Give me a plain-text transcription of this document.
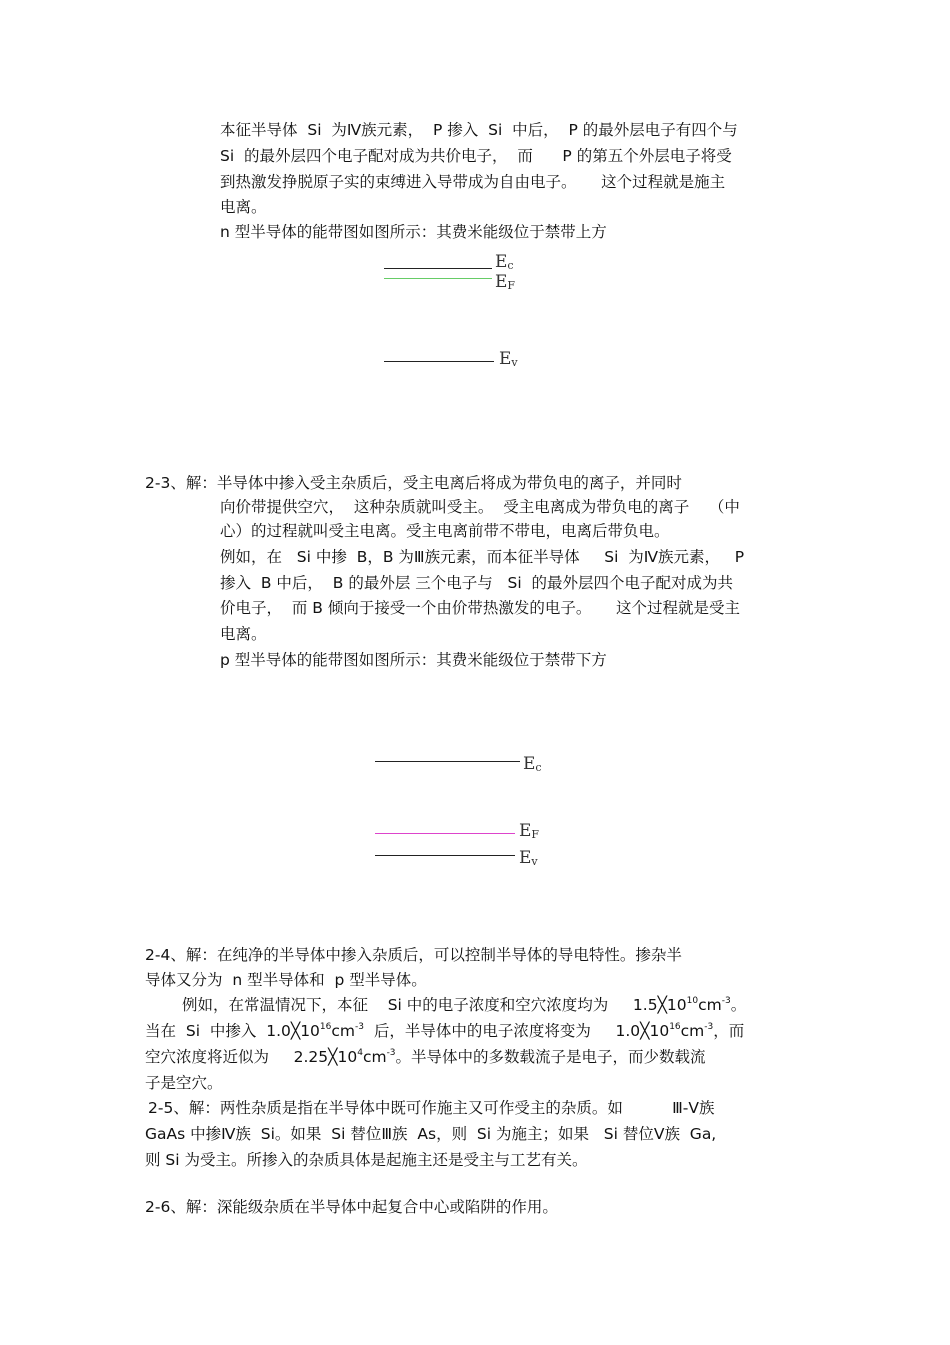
本征半导体  Si  为Ⅳ族元素，  P 掺入  Si  中后，  P 的最外层电子有四个与
Si  的最外层四个电子配对成为共价电子，  而      P 的第五个外层电子将受
到热激发挣脱原子实的束缚进入导带成为自由电子。     这个过程就是施主
电离。
n 型半导体的能带图如图所示：其费米能级位于禁带上方
$E_c$
$E_F$
$E_v$
2-3、解：半导体中掺入受主杂质后，受主电离后将成为带负电的离子，并同时
向价带提供空穴，  这种杂质就叫受主。  受主电离成为带负电的离子    （中
心）的过程就叫受主电离。受主电离前带不带电，电离后带负电。
例如，在   Si 中掺  B，B 为Ⅲ族元素，而本征半导体     Si  为Ⅳ族元素，   P
掺入  B 中后，  B 的最外层 三个电子与   Si  的最外层四个电子配对成为共
价电子，  而 B 倾向于接受一个由价带热激发的电子。     这个过程就是受主
电离。
p 型半导体的能带图如图所示：其费米能级位于禁带下方
$E_c$
$E_F$
$E_v$
2-4、解：在纯净的半导体中掺入杂质后，可以控制半导体的导电特性。掺杂半
导体又分为  n 型半导体和  p 型半导体。
例如，在常温情况下，本征    Si 中的电子浓度和空穴浓度均为     $1.5╳10^{10}cm^{-3}$。
当在  Si  中掺入  $1.0╳10^{16}cm^{-3}$  后，半导体中的电子浓度将变为     $1.0╳10^{16}cm^{-3}$，而
空穴浓度将近似为     $2.25╳10^4cm^{-3}$。半导体中的多数载流子是电子，而少数载流
子是空穴。
2-5、解：两性杂质是指在半导体中既可作施主又可作受主的杂质。如          Ⅲ-Ⅴ族
GaAs 中掺Ⅳ族  Si。如果  Si 替位Ⅲ族  As，则  Si 为施主；如果   Si 替位Ⅴ族  Ga,
则 Si 为受主。所掺入的杂质具体是起施主还是受主与工艺有关。
2-6、解：深能级杂质在半导体中起复合中心或陷阱的作用。
